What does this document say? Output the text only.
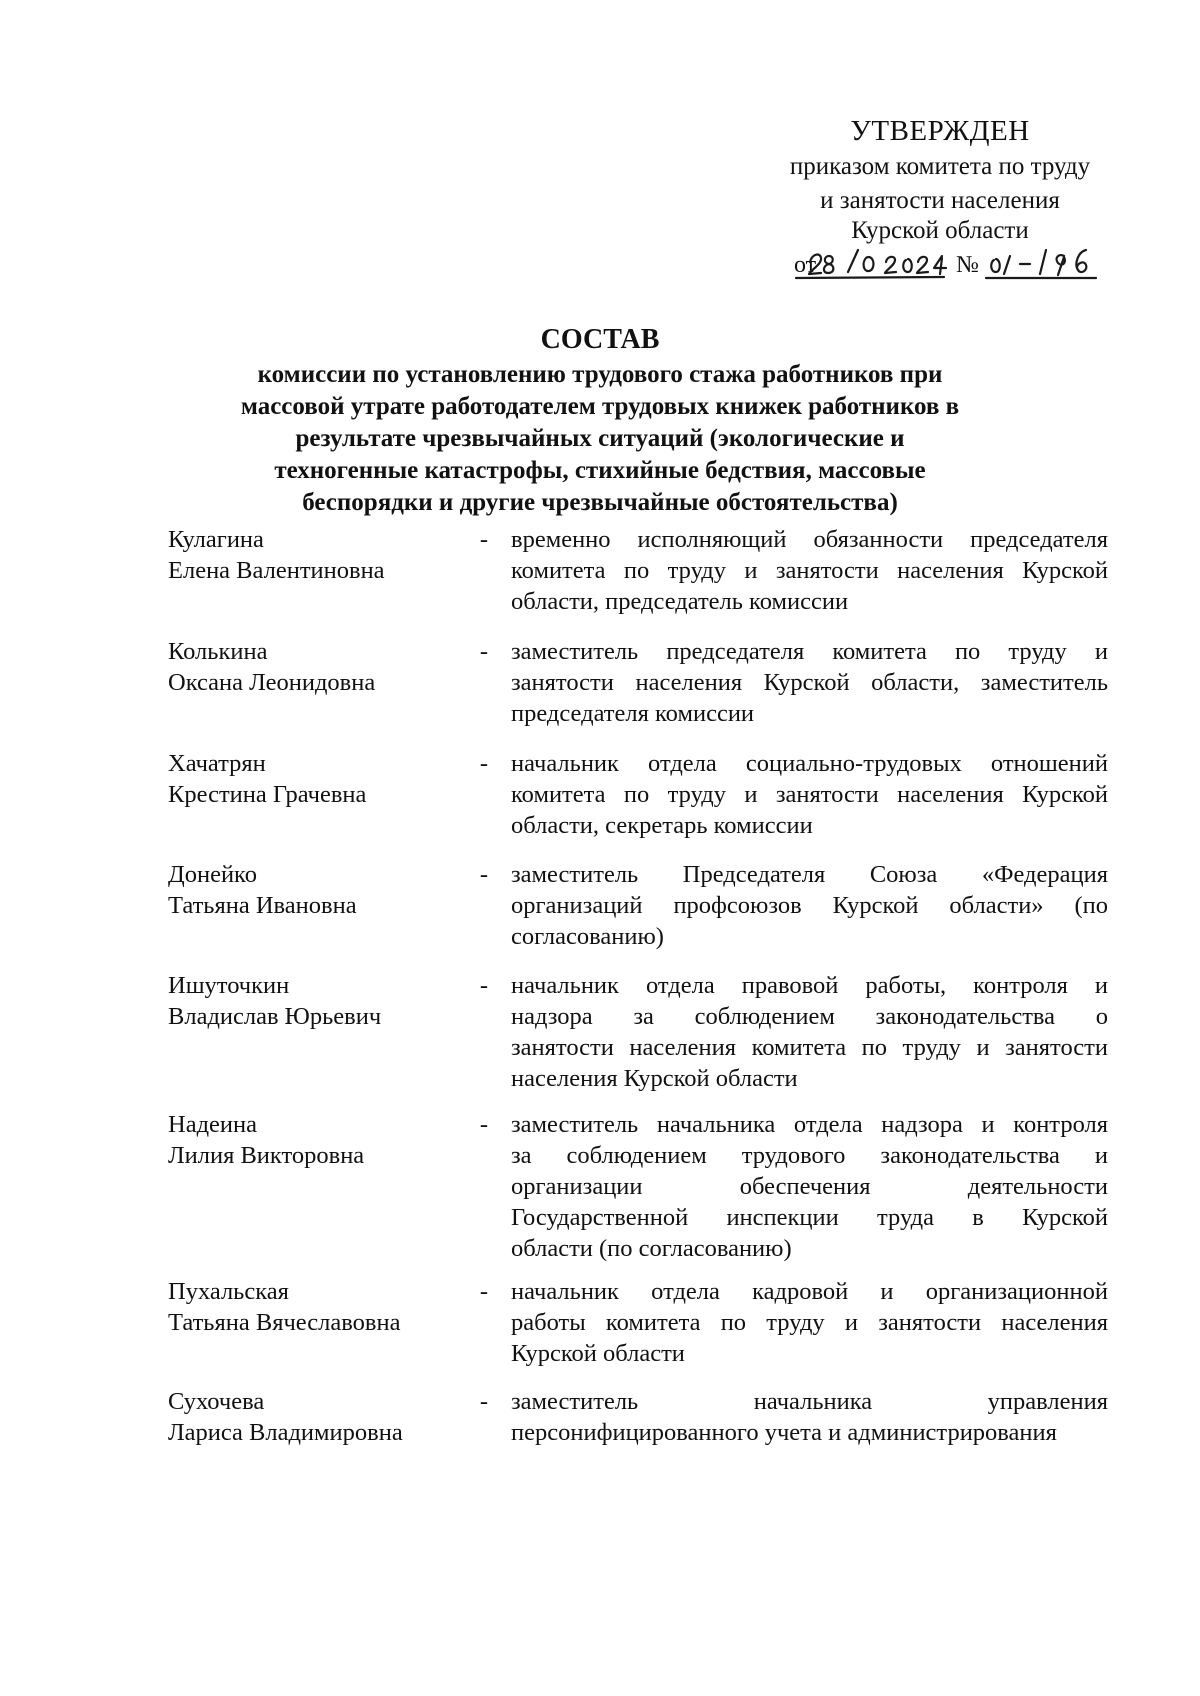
УТВЕРЖДЕН
приказом комитета по труду
и занятости населения
Курской области
от	№
СОСТАВ
комиссии по установлению трудового стажа работников при
массовой утрате работодателем трудовых книжек работников в
результате чрезвычайных ситуаций (экологические и
техногенные катастрофы, стихийные бедствия, массовые
беспорядки и другие чрезвычайные обстоятельства)
Кулагина
Елена Валентиновна
- временно исполняющий обязанности председателя
комитета по труду и занятости населения Курской
области, председатель комиссии
Колькина
Оксана Леонидовна
- заместитель председателя комитета по труду и
занятости населения Курской области, заместитель
председателя комиссии
Хачатрян
Крестина Грачевна
- начальник отдела социально-трудовых отношений
комитета по труду и занятости населения Курской
области, секретарь комиссии
Донейко
Татьяна Ивановна
- заместитель Председателя Союза «Федерация
организаций профсоюзов Курской области» (по
согласованию)
Ишуточкин
Владислав Юрьевич
- начальник отдела правовой работы, контроля и
надзора за соблюдением законодательства о
занятости населения комитета по труду и занятости
населения Курской области
Надеина
Лилия Викторовна
- заместитель начальника отдела надзора и контроля
за соблюдением трудового законодательства и
организации обеспечения деятельности
Государственной инспекции труда в Курской
области (по согласованию)
Пухальская
Татьяна Вячеславовна
- начальник отдела кадровой и организационной
работы комитета по труду и занятости населения
Курской области
Сухочева
Лариса Владимировна
- заместитель начальника управления
персонифицированного учета и администрирования
